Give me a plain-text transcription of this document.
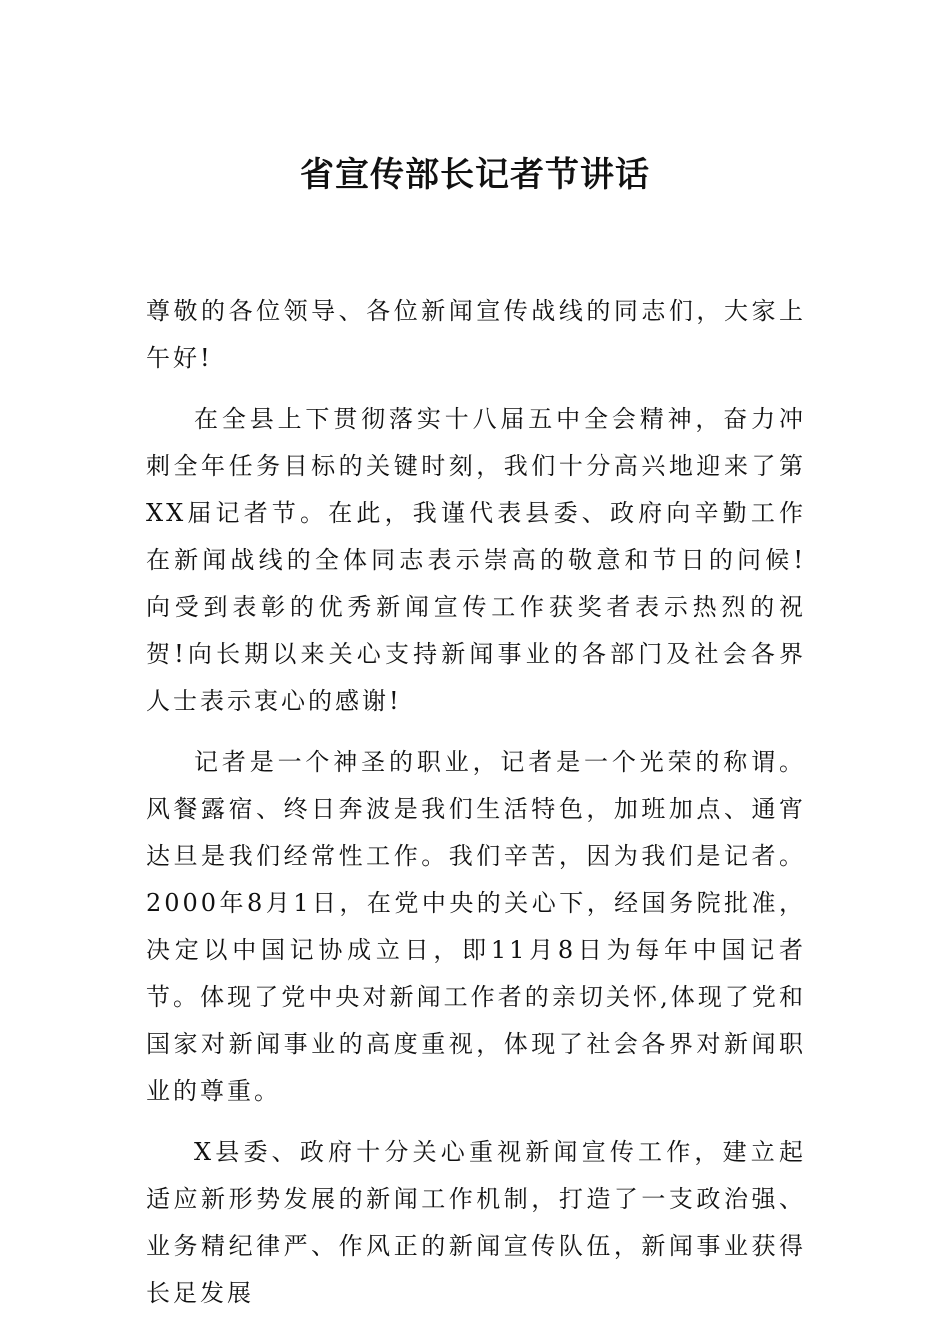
省宣传部长记者节讲话

尊敬的各位领导、各位新闻宣传战线的同志们，大家上午好!

在全县上下贯彻落实十八届五中全会精神，奋力冲刺全年任务目标的关键时刻，我们十分高兴地迎来了第XX届记者节。在此，我谨代表县委、政府向辛勤工作在新闻战线的全体同志表示崇高的敬意和节日的问候!向受到表彰的优秀新闻宣传工作获奖者表示热烈的祝贺!向长期以来关心支持新闻事业的各部门及社会各界人士表示衷心的感谢!

记者是一个神圣的职业，记者是一个光荣的称谓。风餐露宿、终日奔波是我们生活特色，加班加点、通宵达旦是我们经常性工作。我们辛苦，因为我们是记者。2000年8月1日，在党中央的关心下，经国务院批准，决定以中国记协成立日，即11月8日为每年中国记者节。体现了党中央对新闻工作者的亲切关怀,体现了党和国家对新闻事业的高度重视，体现了社会各界对新闻职业的尊重。

X县委、政府十分关心重视新闻宣传工作，建立起适应新形势发展的新闻工作机制，打造了一支政治强、业务精纪律严、作风正的新闻宣传队伍，新闻事业获得长足发展
